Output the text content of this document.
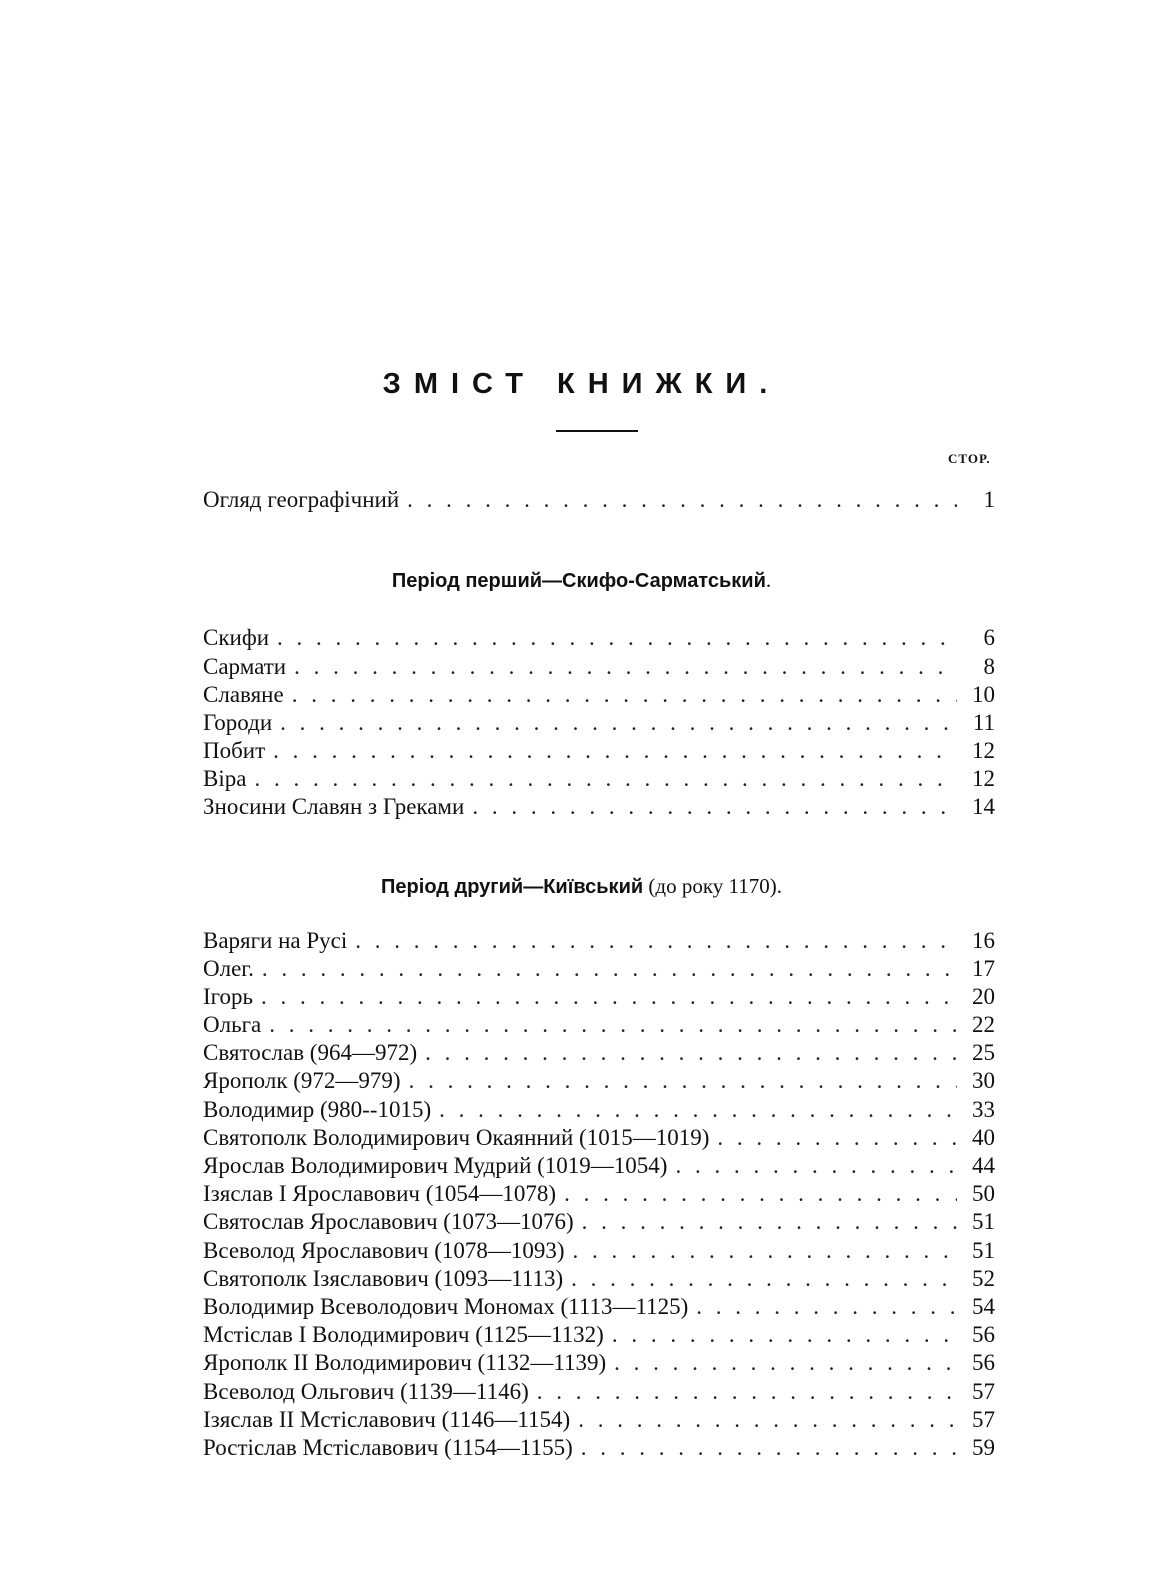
ЗМІСТ КНИЖКИ.
СТОР.
Огляд географічний . . .	1
Період перший—Скифо-Сарматський.
Скифи . . .	6
Сармати . . .	8
Славяне . . .	10
Городи . . .	11
Побит . . .	12
Віра . . .	12
Зносини Славян з Греками . . .	14
Період другий—Київський (до року 1170).
Варяги на Русі . . .	16
Олег. . . .	17
Ігорь . . .	20
Ольга . . .	22
Святослав (964—972) . . .	25
Ярополк (972—979) . . .	30
Володимир (980--1015) . . .	33
Святополк Володимирович Окаянний (1015—1019) . . .	40
Ярослав Володимирович Мудрий (1019—1054) . . .	44
Ізяслав І Ярославович (1054—1078) . . .	50
Святослав Ярославович (1073—1076) . . .	51
Всеволод Ярославович (1078—1093) . . .	51
Святополк Ізяславович (1093—1113) . . .	52
Володимир Всеволодович Мономах (1113—1125) . . .	54
Мстіслав І Володимирович (1125—1132) . . .	56
Ярополк II Володимирович (1132—1139) . . .	56
Всеволод Ольгович (1139—1146) . . .	57
Ізяслав II Мстіславович (1146—1154) . . .	57
Ростіслав Мстіславович (1154—1155) . . .	59
